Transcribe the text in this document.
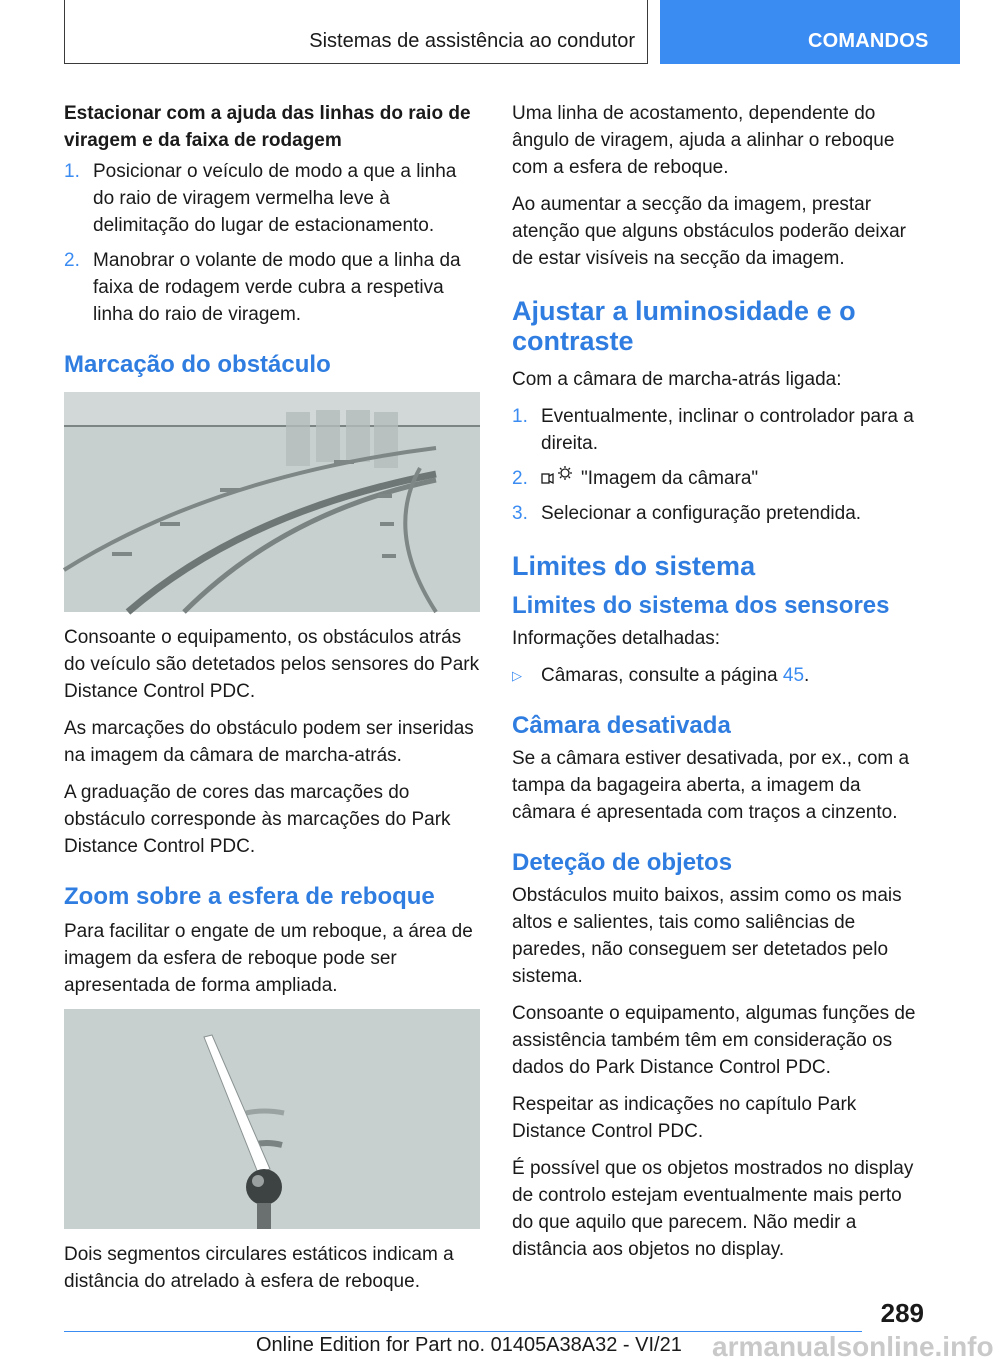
Sistemas de assistência ao condutor	COMANDOS
Estacionar com a ajuda das linhas do raio de viragem e da faixa de rodagem
1. Posicionar o veículo de modo a que a linha do raio de viragem vermelha leve à delimitação do lugar de estacionamento.
2. Manobrar o volante de modo que a linha da faixa de rodagem verde cubra a respetiva linha do raio de viragem.
Marcação do obstáculo

Consoante o equipamento, os obstáculos atrás do veículo são detetados pelos sensores do Park Distance Control PDC.

As marcações do obstáculo podem ser inseridas na imagem da câmara de marcha-atrás.

A graduação de cores das marcações do obstáculo corresponde às marcações do Park Distance Control PDC.

Zoom sobre a esfera de reboque

Para facilitar o engate de um reboque, a área de imagem da esfera de reboque pode ser apresentada de forma ampliada.

Dois segmentos circulares estáticos indicam a distância do atrelado à esfera de reboque.

Uma linha de acostamento, dependente do ângulo de viragem, ajuda a alinhar o reboque com a esfera de reboque.

Ao aumentar a secção da imagem, prestar atenção que alguns obstáculos poderão deixar de estar visíveis na secção da imagem.

Ajustar a luminosidade e o contraste

Com a câmara de marcha-atrás ligada:

1. Eventualmente, inclinar o controlador para a direita.
2.	"Imagem da câmara"
3. Selecionar a configuração pretendida.
Limites do sistema
Limites do sistema dos sensores

Informações detalhadas:

▷ Câmaras, consulte a página 45.
Câmara desativada

Se a câmara estiver desativada, por ex., com a tampa da bagageira aberta, a imagem da câmara é apresentada com traços a cinzento.

Deteção de objetos

Obstáculos muito baixos, assim como os mais altos e salientes, tais como saliências de paredes, não conseguem ser detetados pelo sistema.

Consoante o equipamento, algumas funções de assistência também têm em consideração os dados do Park Distance Control PDC.

Respeitar as indicações no capítulo Park Distance Control PDC.

É possível que os objetos mostrados no display de controlo estejam eventualmente mais perto do que aquilo que parecem. Não medir a distância aos objetos no display.

289
Online Edition for Part no. 01405A38A32 - VI/21 armanualsonline.info
